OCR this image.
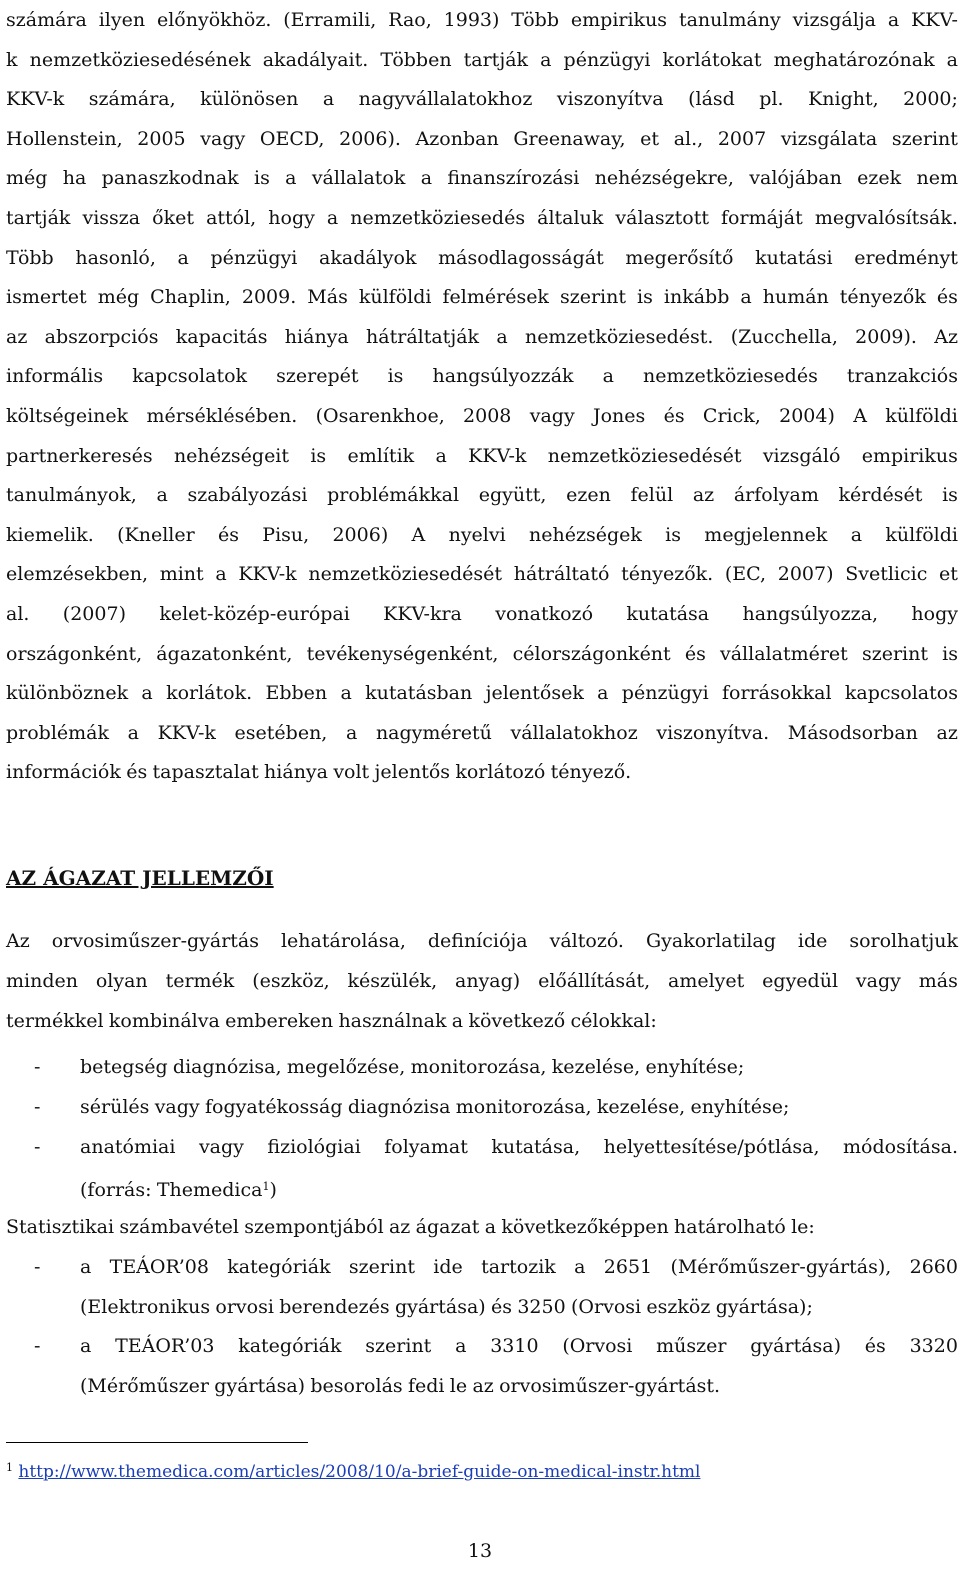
számára ilyen előnyökhöz. (Erramili, Rao, 1993) Több empirikus tanulmány vizsgálja a KKV-
k nemzetköziesedésének akadályait. Többen tartják a pénzügyi korlátokat meghatározónak a
KKV-k számára, különösen a nagyvállalatokhoz viszonyítva (lásd pl. Knight, 2000;
Hollenstein, 2005 vagy OECD, 2006). Azonban Greenaway, et al., 2007 vizsgálata szerint
még ha panaszkodnak is a vállalatok a finanszírozási nehézségekre, valójában ezek nem
tartják vissza őket attól, hogy a nemzetköziesedés általuk választott formáját megvalósítsák.
Több hasonló, a pénzügyi akadályok másodlagosságát megerősítő kutatási eredményt
ismertet még Chaplin, 2009. Más külföldi felmérések szerint is inkább a humán tényezők és
az abszorpciós kapacitás hiánya hátráltatják a nemzetköziesedést. (Zucchella, 2009). Az
informális kapcsolatok szerepét is hangsúlyozzák a nemzetköziesedés tranzakciós
költségeinek mérséklésében. (Osarenkhoe, 2008 vagy Jones és Crick, 2004) A külföldi
partnerkeresés nehézségeit is említik a KKV-k nemzetköziesedését vizsgáló empirikus
tanulmányok, a szabályozási problémákkal együtt, ezen felül az árfolyam kérdését is
kiemelik. (Kneller és Pisu, 2006) A nyelvi nehézségek is megjelennek a külföldi
elemzésekben, mint a KKV-k nemzetköziesedését hátráltató tényezők. (EC, 2007) Svetlicic et
al. (2007) kelet-közép-európai KKV-kra vonatkozó kutatása hangsúlyozza, hogy
országonként, ágazatonként, tevékenységenként, célországonként és vállalatméret szerint is
különböznek a korlátok. Ebben a kutatásban jelentősek a pénzügyi forrásokkal kapcsolatos
problémák a KKV-k esetében, a nagyméretű vállalatokhoz viszonyítva. Másodsorban az
információk és tapasztalat hiánya volt jelentős korlátozó tényező.
AZ ÁGAZAT JELLEMZŐI
Az orvosiműszer-gyártás lehatárolása, definíciója változó. Gyakorlatilag ide sorolhatjuk
minden olyan termék (eszköz, készülék, anyag) előállítását, amelyet egyedül vagy más
termékkel kombinálva embereken használnak a következő célokkal:
- betegség diagnózisa, megelőzése, monitorozása, kezelése, enyhítése;
- sérülés vagy fogyatékosság diagnózisa monitorozása, kezelése, enyhítése;
- anatómiai vagy fiziológiai folyamat kutatása, helyettesítése/pótlása, módosítása.
(forrás: Themedica$^1$)
Statisztikai számbavétel szempontjából az ágazat a következőképpen határolható le:
- a TEÁOR’08 kategóriák szerint ide tartozik a 2651 (Mérőműszer-gyártás), 2660
(Elektronikus orvosi berendezés gyártása) és 3250 (Orvosi eszköz gyártása);
- a TEÁOR’03 kategóriák szerint a 3310 (Orvosi műszer gyártása) és 3320
(Mérőműszer gyártása) besorolás fedi le az orvosiműszer-gyártást.
$^1$ http://www.themedica.com/articles/2008/10/a-brief-guide-on-medical-instr.html
13
